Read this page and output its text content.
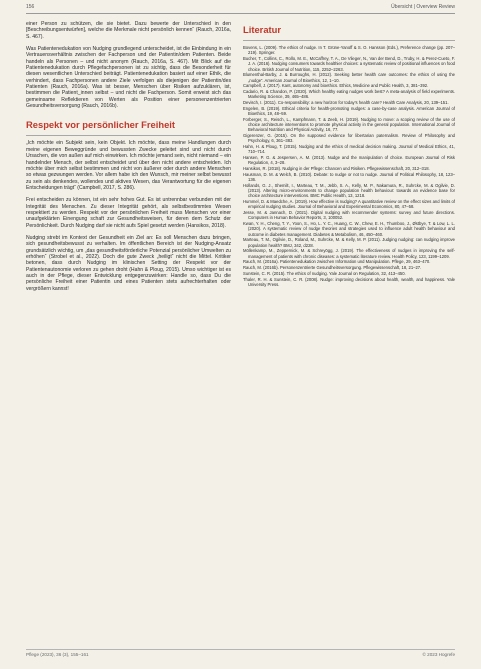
156	Übersicht | Overview Review

einer Person zu schützen, die sie bietet. Dazu bewerte der Unterschied in den [Beschreibungsentwürfen], welche die Merkmale nicht persönlich kennen“ (Rauch, 2016a, S. 467).

Was Patientenedukation von Nudging grundlegend unterscheidet, ist die Einbindung in ein Vertrauensverhältnis zwischen der Fachperson und der Patientin/dem Patienten. Beide handeln als Personen – und nicht anonym (Rauch, 2016a, S. 467). Mit Blick auf die Patientenedukation durch Pflegefachpersonen ist zu sichtig, dass die Besonderheit für diesen wesentlichen Unterschied beiträgt. Patientenedukation basiert auf einer Ethik, die verhindert, dass Fachpersonen andere Ziele verfolgen als diejenigen der Patientin/des Patienten (Rauch, 2016a). Was ist besser, Menschen über Risiken aufzuklären, ist, bestimmen die Patient_innen selbst – und nicht die Fachperson. Somit erweist sich das gemeinsame Reflektieren von Werten als Position einer personenzentrierten Gesundheitsversorgung (Rauch, 2016b).

Respekt vor persönlicher Freiheit

„Ich möchte ein Subjekt sein, kein Objekt. Ich möchte, dass meine Handlungen durch meine eigenen Beweggründe und bewussten Zwecke geleitet sind und nicht durch Ursachen, die von außen auf mich einwirken. Ich möchte jemand sein, nicht niemand – ein handelnder Mensch, der selbst entscheidet und über den nicht andere entscheiden. Ich möchte über mich selbst bestimmen und nicht von äußerer oder durch andere Menschen so etwas gezwungen werden. Vor allem habe ich den Wunsch, mir meiner selbst bewusst zu sein als denkendes, wollendes und aktives Wesen, das Verantwortung für die eigenen Entscheidungen trägt“ (Campbell, 2017, S. 286).

Frei entscheiden zu können, ist ein sehr hohes Gut. Es ist untrennbar verbunden mit der Integrität des Menschen. Zu dieser Integrität gehört, als selbstbestimmtes Wesen respektiert zu werden. Respekt vor der persönlichen Freiheit muss Menschen vor einer unaufgeklärten Einengung schaft zur Gesundheitsweisen, für deren dem Schutz der Persönlichkeit. Durch Nudging darf sie nicht aufs Spiel gesetzt werden (Hansikos, 2018).

Nudging strebt im Kontext der Gesundheit ein Ziel an: Es soll Menschen dazu bringen, sich gesundheitsbewusst zu verhalten. Im öffentlichen Bereich ist der Nudging-Ansatz grundsätzlich wichtig, um „das gesundheitsförderliche Potenzial persönlicher Umwelten zu erhöhen“ (Strobel et al., 2022). Doch die gute Zweck „heiligt“ nicht die Mittel. Kritiker betonen, dass durch Nudging im klinischen Setting der Respekt vor der Patientenautonomie verloren zu gehen droht (Hahn & Ploug, 2015). Umso wichtiger ist es auch in der Pflege, dieser Entwicklung entgegenzuwirken: Handle so, dass Du die persönliche Freiheit einer Patientin und eines Patienten stets aufrechterhalten oder vergrößern kannst!

Literatur
Bovens, L. (2009). The ethics of nudge. In T. Grüne-Yanoff & S. O. Hansson (Eds.), Preference change (pp. 207–219). Springer.
Bucher, T., Collins, C., Rollo, M. E., McCaffrey, T. A., De Vlieger, N., Van der Bend, D., Truby, H. & Perez-Cueto, F. J. A. (2016). Nudging consumers towards healthier choices: a systematic review of positional influences on food choice. British Journal of Nutrition, 115, 2252–2263.
Blumenthal-Barby, J. & Burroughs, H. (2012). Seeking better health care outcomes: the ethics of using the „nudge“. American Journal of Bioethics, 12, 1–10.
Campbell, J. (2017). Kant, autonomy and bioethics. Ethics, Medicine and Public Health, 3, 381–392.
Cadario, R. & Chandon, P. (2020). Which healthy eating nudges work best? A meta-analysis of field experiments. Marketing Science, 39, 465–486.
Devisch, I. (2011). Co-responsibility: a new horizon for today’s health care? Health Care Analysis, 20, 139–151.
Engelen, B. (2019). Ethical criteria for health-promoting nudges: a case-by-case analysis. American Journal of Bioethics, 19, 48–59.
Forberger, S., Reisch, L., Kampfmann, T. & Zeeb, H. (2019). Nudging to move: a scoping review of the use of choice architecture interventions to promote physical activity in the general population. International Journal of Behavioral Nutrition and Physical Activity, 16, 77.
Gigerenzer, G. (2015). On the supposed evidence for libertarian paternalism. Review of Philosophy and Psychology, 6, 361–383.
Hahn, H. & Ploug, T. (2015). Nudging and the ethics of medical decision making. Journal of Medical Ethics, 41, 710–714.
Hansen, P. G. & Jespersen, A. M. (2013). Nudge and the manipulation of choice. European Journal of Risk Regulation, 4, 3–28.
Hansikos, R. (2018). Nudging in der Pflege: Chancen und Risiken. Pflegewissenschaft, 20, 312–318.
Hausman, D. M. & Welch, B. (2010). Debate: to nudge or not to nudge. Journal of Political Philosophy, 18, 123–136.
Hollands, G. J., Shemilt, I., Marteau, T. M., Jebb, S. A., Kelly, M. P., Nakamura, R., Suhrcke, M. & Ogilvie, D. (2013). Altering micro-environments to change population health behaviour: towards an evidence base for choice architecture interventions. BMC Public Health, 13, 1218.
Hummel, D. & Maedche, A. (2019). How effective is nudging? A quantitative review on the effect sizes and limits of empirical nudging studies. Journal of Behavioral and Experimental Economics, 80, 47–58.
Jesse, M. & Jannach, D. (2021). Digital nudging with recommender systems: survey and future directions. Computers in Human Behavior Reports, 3, 100052.
Kwan, Y. H., Cheng, T. Y., Yoon, S., Ho, L. Y. C., Huang, C. W., Chew, E. H., Thumboo, J., Østbye, T. & Low, L. L. (2020). A systematic review of nudge theories and strategies used to influence adult health behaviour and outcome in diabetes management. Diabetes & Metabolism, 46, 450–460.
Marteau, T. M., Ogilvie, D., Roland, M., Suhrcke, M. & Kelly, M. P. (2011). Judging nudging: can nudging improve population health? BMJ, 342, d228.
Möllenkamp, M., Zeppernick, M. & Schreyögg, J. (2019). The effectiveness of nudges in improving the self-management of patients with chronic diseases: a systematic literature review. Health Policy, 123, 1199–1209.
Rauch, M. (2016a). Patientenedukation zwischen Information und Manipulation. Pflege, 29, 463–470.
Rauch, M. (2016b). Personenzentrierte Gesundheitsversorgung. Pflegewissenschaft, 18, 21–27.
Sunstein, C. R. (2015). The ethics of nudging. Yale Journal on Regulation, 32, 413–450.
Thaler, R. H. & Sunstein, C. R. (2008). Nudge: improving decisions about health, wealth, and happiness. Yale University Press.
Pflege (2023), 36 (3), 155–161	© 2023 Hogrefe
